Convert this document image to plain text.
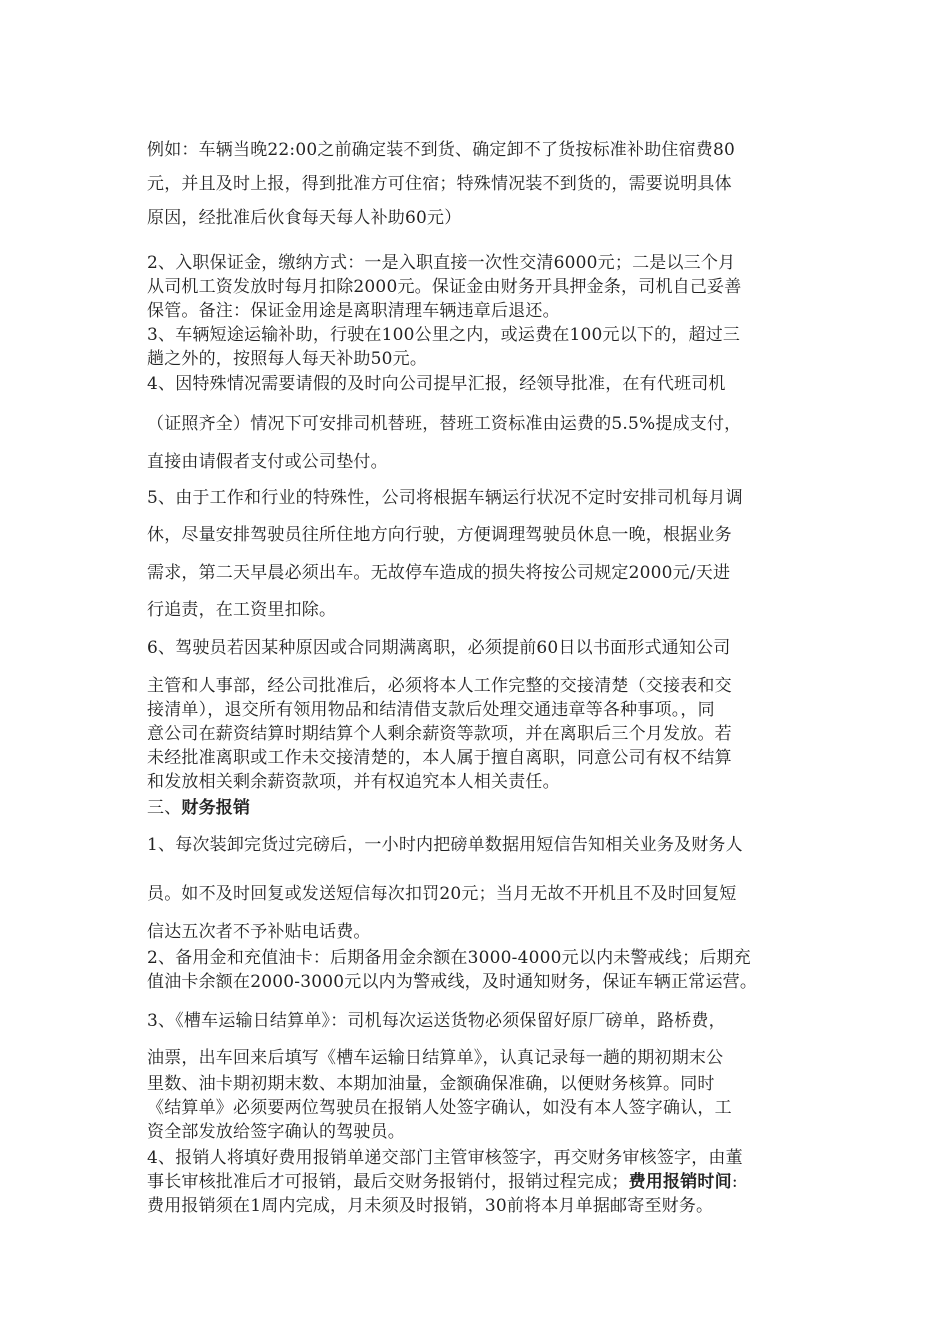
例如：车辆当晚22:00之前确定装不到货、确定卸不了货按标准补助住宿费80
元，并且及时上报，得到批准方可住宿；特殊情况装不到货的，需要说明具体
原因，经批准后伙食每天每人补助60元）
2、入职保证金，缴纳方式：一是入职直接一次性交清6000元；二是以三个月
从司机工资发放时每月扣除2000元。保证金由财务开具押金条，司机自己妥善
保管。备注：保证金用途是离职清理车辆违章后退还。
3、车辆短途运输补助，行驶在100公里之内，或运费在100元以下的，超过三
趟之外的，按照每人每天补助50元。
4、因特殊情况需要请假的及时向公司提早汇报，经领导批准，在有代班司机
（证照齐全）情况下可安排司机替班，替班工资标准由运费的5.5%提成支付，
直接由请假者支付或公司垫付。
5、由于工作和行业的特殊性，公司将根据车辆运行状况不定时安排司机每月调
休，尽量安排驾驶员往所住地方向行驶，方便调理驾驶员休息一晚，根据业务
需求，第二天早晨必须出车。无故停车造成的损失将按公司规定2000元/天进
行追责，在工资里扣除。
6、驾驶员若因某种原因或合同期满离职，必须提前60日以书面形式通知公司
主管和人事部，经公司批准后，必须将本人工作完整的交接清楚（交接表和交
接清单），退交所有领用物品和结清借支款后处理交通违章等各种事项。，同
意公司在薪资结算时期结算个人剩余薪资等款项，并在离职后三个月发放。若
未经批准离职或工作未交接清楚的，本人属于擅自离职，同意公司有权不结算
和发放相关剩余薪资款项，并有权追究本人相关责任。
三、财务报销
1、每次装卸完货过完磅后，一小时内把磅单数据用短信告知相关业务及财务人
员。如不及时回复或发送短信每次扣罚20元；当月无故不开机且不及时回复短
信达五次者不予补贴电话费。
2、备用金和充值油卡：后期备用金余额在3000-4000元以内未警戒线；后期充
值油卡余额在2000-3000元以内为警戒线，及时通知财务，保证车辆正常运营。
3、《槽车运输日结算单》：司机每次运送货物必须保留好原厂磅单，路桥费，
油票，出车回来后填写《槽车运输日结算单》，认真记录每一趟的期初期末公
里数、油卡期初期末数、本期加油量，金额确保准确，以便财务核算。同时
《结算单》必须要两位驾驶员在报销人处签字确认，如没有本人签字确认，工
资全部发放给签字确认的驾驶员。
4、报销人将填好费用报销单递交部门主管审核签字，再交财务审核签字，由董
事长审核批准后才可报销，最后交财务报销付，报销过程完成；费用报销时间:
费用报销须在1周内完成，月未须及时报销，30前将本月单据邮寄至财务。
